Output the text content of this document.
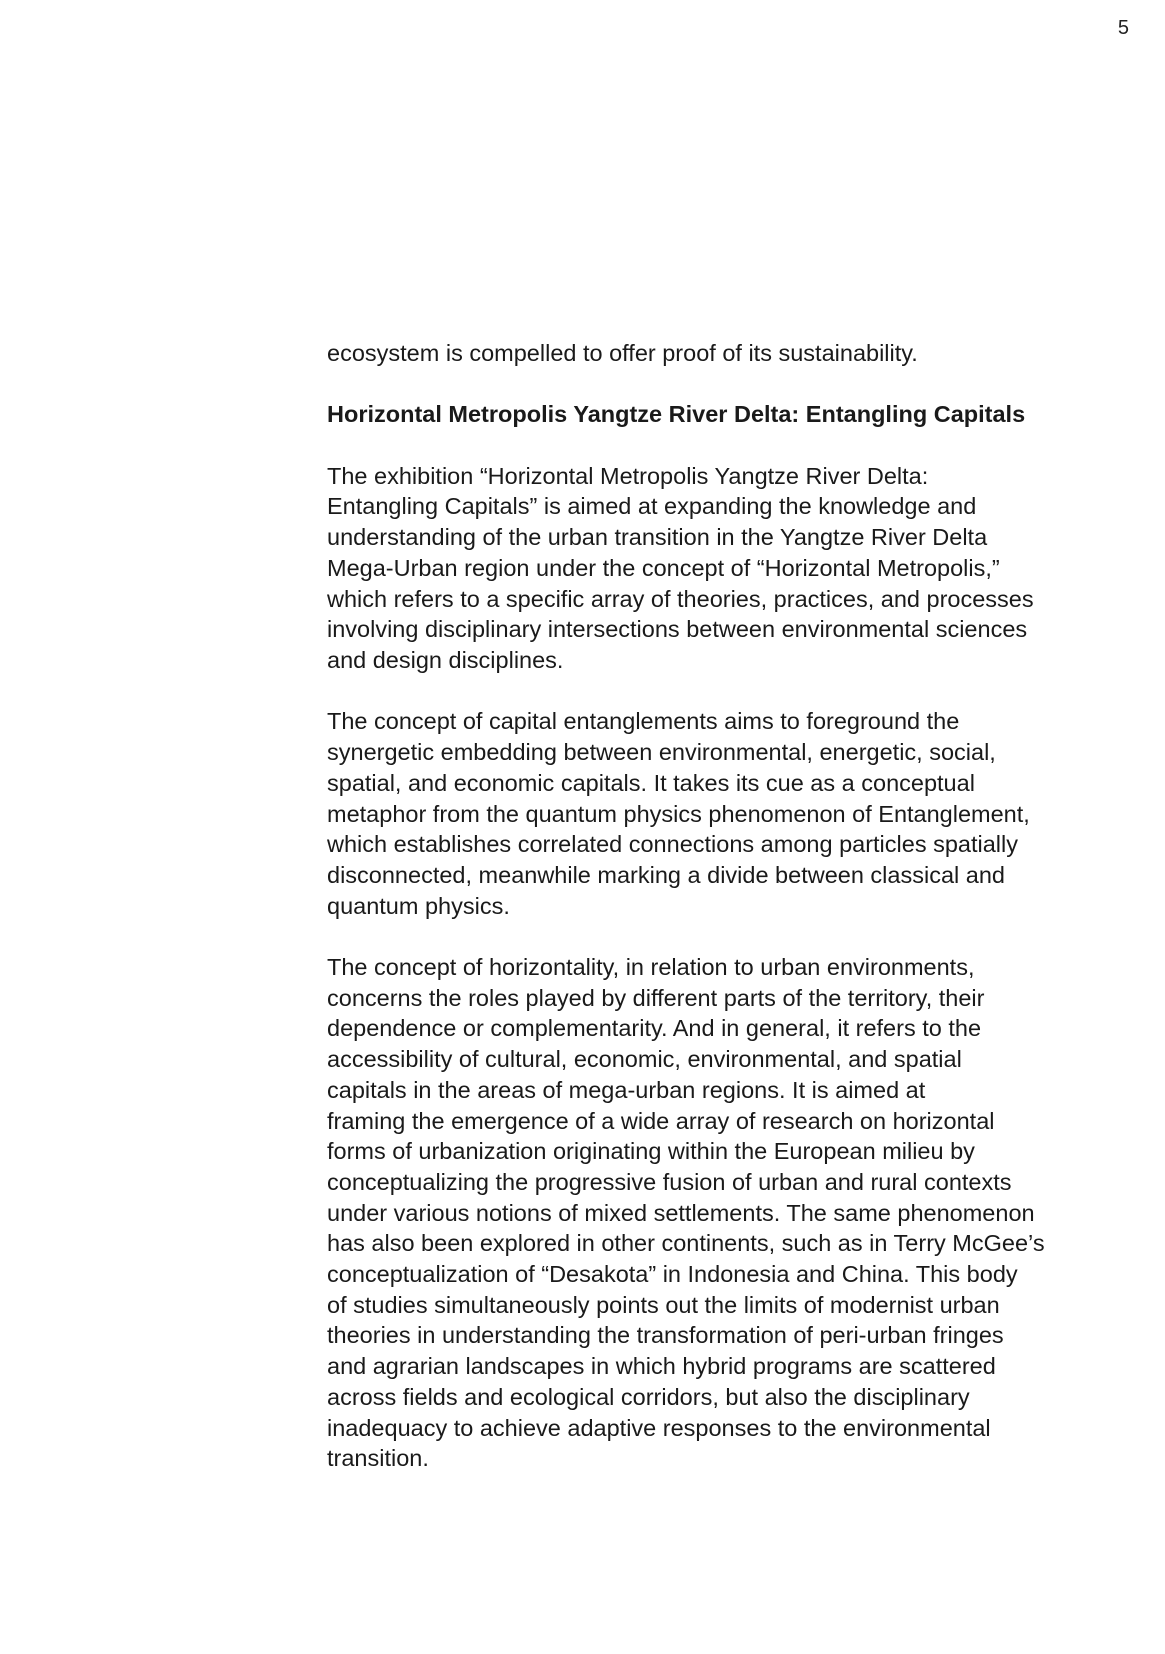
5

ecosystem is compelled to offer proof of its sustainability.

Horizontal Metropolis Yangtze River Delta: Entangling Capitals

The exhibition “Horizontal Metropolis Yangtze River Delta:
Entangling Capitals” is aimed at expanding the knowledge and
understanding of the urban transition in the Yangtze River Delta
Mega-Urban region under the concept of “Horizontal Metropolis,”
which refers to a specific array of theories, practices, and processes
involving disciplinary intersections between environmental sciences
and design disciplines.

The concept of capital entanglements aims to foreground the
synergetic embedding between environmental, energetic, social,
spatial, and economic capitals. It takes its cue as a conceptual
metaphor from the quantum physics phenomenon of Entanglement,
which establishes correlated connections among particles spatially
disconnected, meanwhile marking a divide between classical and
quantum physics.

The concept of horizontality, in relation to urban environments,
concerns the roles played by different parts of the territory, their
dependence or complementarity. And in general, it refers to the
accessibility of cultural, economic, environmental, and spatial
capitals in the areas of mega-urban regions. It is aimed at
framing the emergence of a wide array of research on horizontal
forms of urbanization originating within the European milieu by
conceptualizing the progressive fusion of urban and rural contexts
under various notions of mixed settlements. The same phenomenon
has also been explored in other continents, such as in Terry McGee’s
conceptualization of “Desakota” in Indonesia and China. This body
of studies simultaneously points out the limits of modernist urban
theories in understanding the transformation of peri-urban fringes
and agrarian landscapes in which hybrid programs are scattered
across fields and ecological corridors, but also the disciplinary
inadequacy to achieve adaptive responses to the environmental
transition.
